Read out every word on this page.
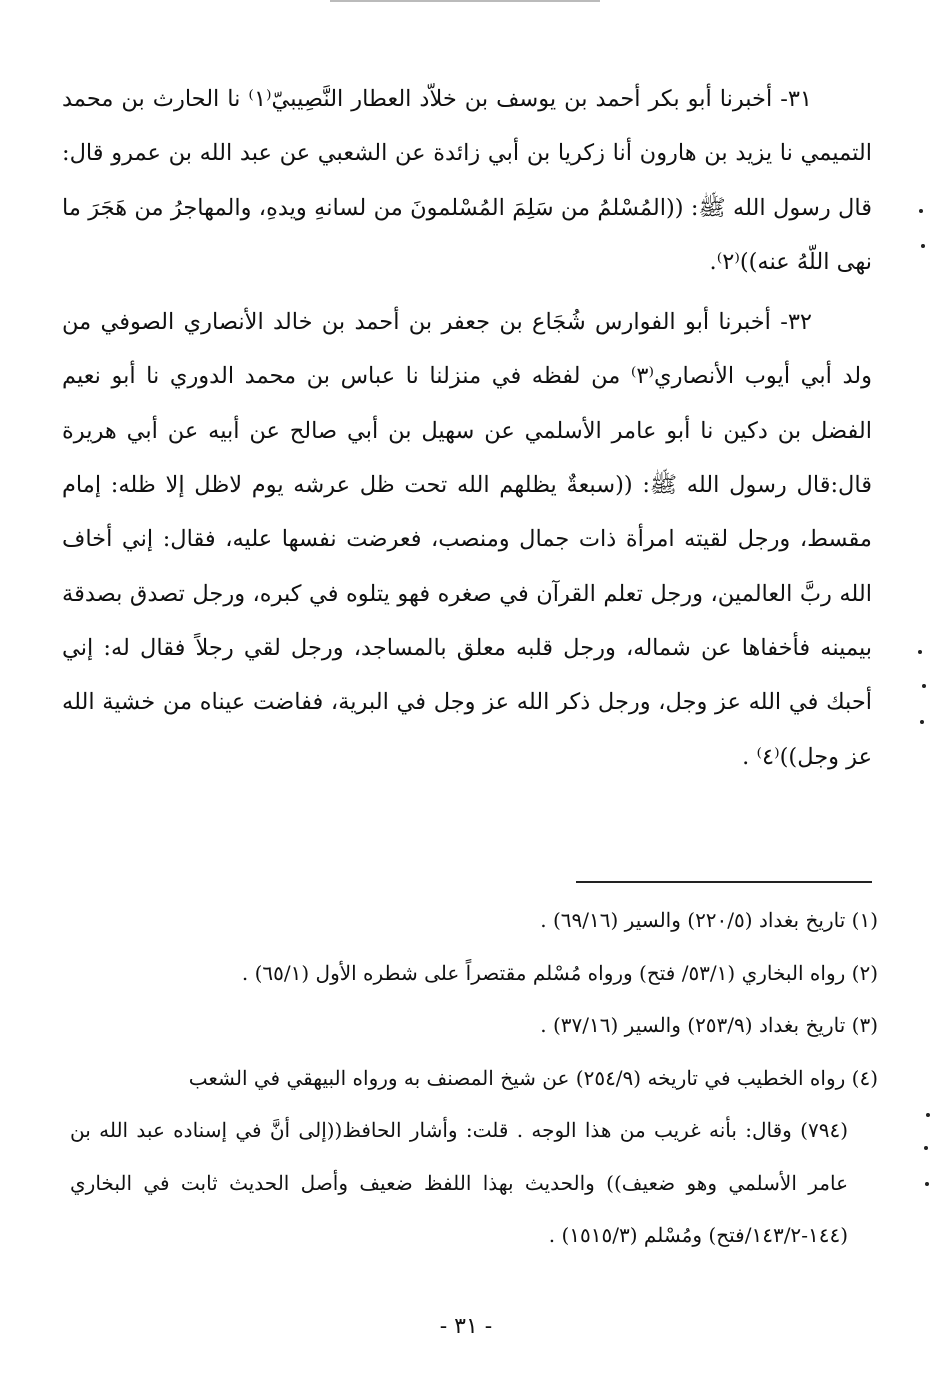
٣١- أخبرنا أبو بكر أحمد بن يوسف بن خلاّد العطار النَّصِيبيّ⁽١⁾ نا الحارث بن محمد التميمي نا يزيد بن هارون أنا زكريا بن أبي زائدة عن الشعبي عن عبد الله بن عمرو قال: قال رسول الله ﷺ: ((المُسْلمُ من سَلِمَ المُسْلمونَ من لسانهِ ويدهِ، والمهاجرُ من هَجَرَ ما نهى اللّهُ عنه))⁽٢⁾.

٣٢- أخبرنا أبو الفوارس شُجَاع بن جعفر بن أحمد بن خالد الأنصاري الصوفي من ولد أبي أيوب الأنصاري⁽٣⁾ من لفظه في منزلنا نا عباس بن محمد الدوري نا أبو نعيم الفضل بن دكين نا أبو عامر الأسلمي عن سهيل بن أبي صالح عن أبيه عن أبي هريرة قال:قال رسول الله ﷺ: ((سبعةٌ يظلهم الله تحت ظل عرشه يوم لاظل إلا ظله: إمام مقسط، ورجل لقيته امرأة ذات جمال ومنصب، فعرضت نفسها عليه، فقال: إني أخاف الله ربَّ العالمين، ورجل تعلم القرآن في صغره فهو يتلوه في كبره، ورجل تصدق بصدقة بيمينه فأخفاها عن شماله، ورجل قلبه معلق بالمساجد، ورجل لقي رجلاً فقال له: إني أحبك في الله عز وجل، ورجل ذكر الله عز وجل في البرية، ففاضت عيناه من خشية الله عز وجل))⁽٤⁾ .

(١) تاريخ بغداد (٢٢٠/٥) والسير (٦٩/١٦) .

(٢) رواه البخاري (٥٣/١/ فتح) ورواه مُسْلم مقتصراً على شطره الأول (٦٥/١) .

(٣) تاريخ بغداد (٢٥٣/٩) والسير (٣٧/١٦) .

(٤) رواه الخطيب في تاريخه (٢٥٤/٩) عن شيخ المصنف به ورواه البيهقي في الشعب
(٧٩٤) وقال: بأنه غريب من هذا الوجه . قلت: وأشار الحافظ((إلى أنَّ في إسناده عبد الله بن عامر الأسلمي وهو ضعيف)) والحديث بهذا اللفظ ضعيف وأصل الحديث ثابت في البخاري (١٤٤-١٤٣/٢/فتح) ومُسْلم (١٥١٥/٣) .
- ٣١ -
